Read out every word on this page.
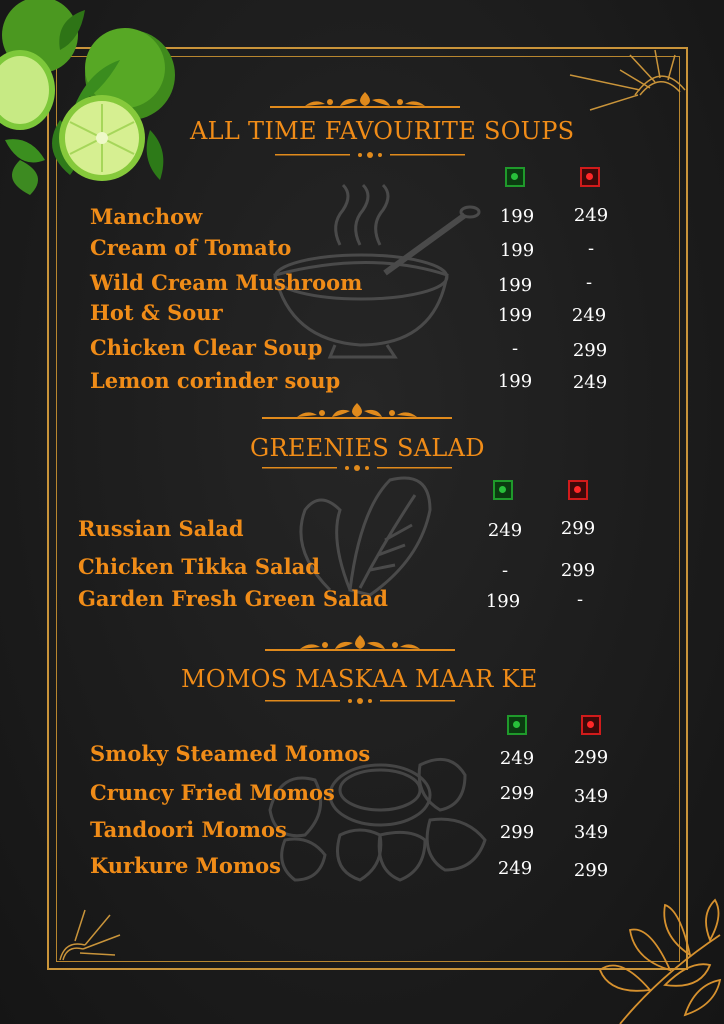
ALL TIME FAVOURITE SOUPS
Manchow	199	249
Cream of Tomato	199	-
Wild Cream Mushroom	199	-
Hot & Sour	199	249
Chicken Clear Soup	-	299
Lemon corinder soup	199	249
GREENIES SALAD
Russian Salad	249	299
Chicken Tikka Salad	-	299
Garden Fresh Green Salad	199	-
MOMOS MASKAA MAAR KE
Smoky Steamed Momos	249	299
Cruncy Fried Momos	299	349
Tandoori Momos	299	349
Kurkure Momos	249	299
